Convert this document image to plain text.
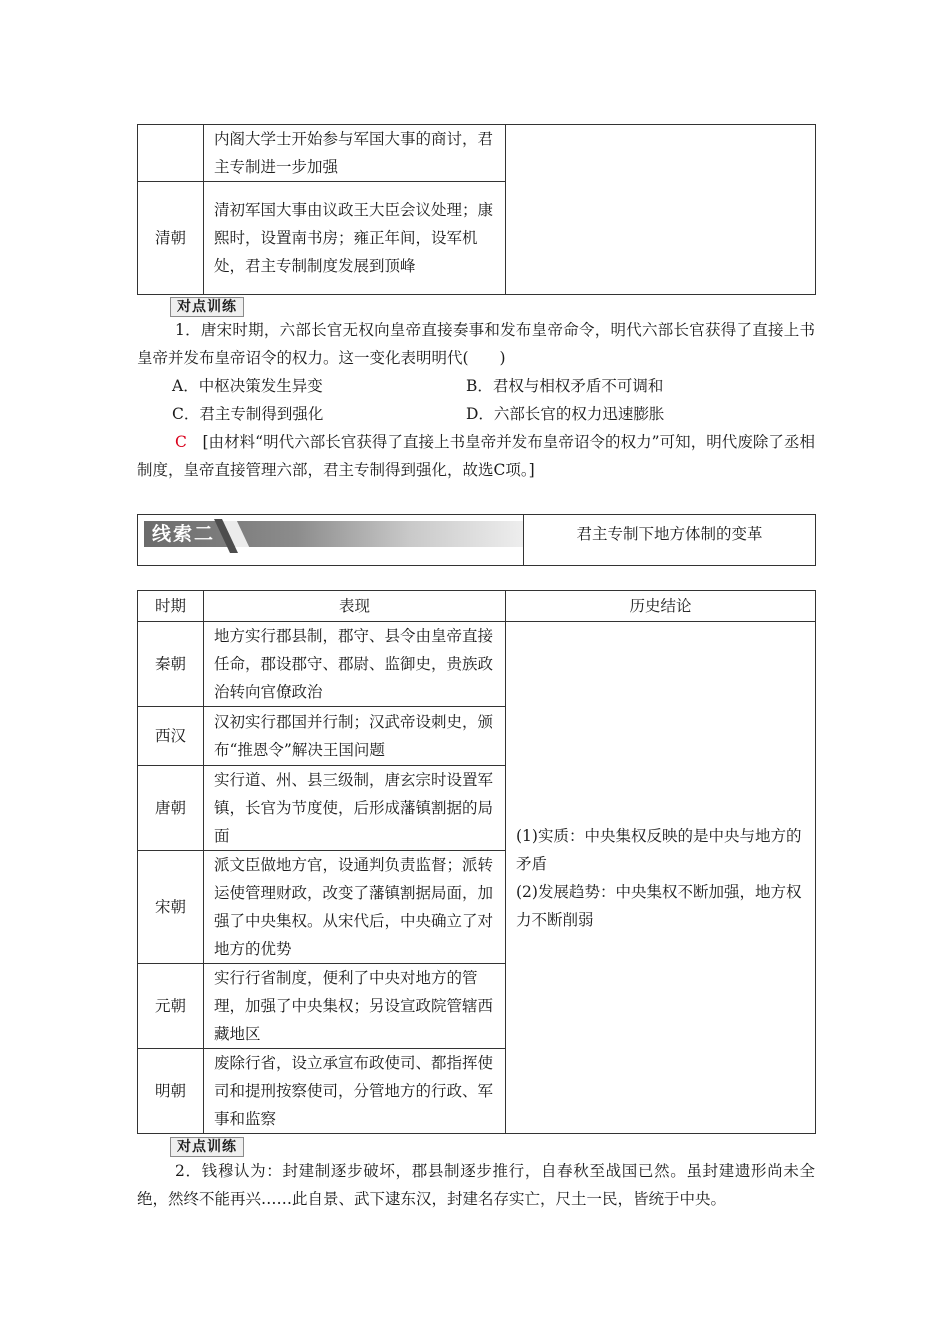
	内阁大学士开始参与军国大事的商讨，君主专制进一步加强	
清朝	清初军国大事由议政王大臣会议处理；康熙时，设置南书房；雍正年间，设军机处，君主专制制度发展到顶峰	
对点训练
1．唐宋时期，六部长官无权向皇帝直接奏事和发布皇帝命令，明代六部长官获得了直接上书皇帝并发布皇帝诏令的权力。这一变化表明明代(　　)
A．中枢决策发生异变	B．君权与相权矛盾不可调和
C．君主专制得到强化	D．六部长官的权力迅速膨胀
C　 [由材料“明代六部长官获得了直接上书皇帝并发布皇帝诏令的权力”可知，明代废除了丞相制度，皇帝直接管理六部，君主专制得到强化，故选C项。]
线索二	君主专制下地方体制的变革
时期	表现	历史结论
秦朝	地方实行郡县制，郡守、县令由皇帝直接任命，郡设郡守、郡尉、监御史，贵族政治转向官僚政治	(1)实质：中央集权反映的是中央与地方的矛盾
(2)发展趋势：中央集权不断加强，地方权力不断削弱

西汉	汉初实行郡国并行制；汉武帝设刺史，颁布“推恩令”解决王国问题	
唐朝	实行道、州、县三级制，唐玄宗时设置军镇，长官为节度使，后形成藩镇割据的局面	
宋朝	派文臣做地方官，设通判负责监督；派转运使管理财政，改变了藩镇割据局面，加强了中央集权。从宋代后，中央确立了对地方的优势	
元朝	实行行省制度，便利了中央对地方的管理，加强了中央集权；另设宣政院管辖西藏地区	
明朝	废除行省，设立承宣布政使司、都指挥使司和提刑按察使司，分管地方的行政、军事和监察	
对点训练
2．钱穆认为：封建制逐步破坏，郡县制逐步推行，自春秋至战国已然。虽封建遗形尚未全绝，然终不能再兴……此自景、武下逮东汉，封建名存实亡，尺土一民，皆统于中央。
